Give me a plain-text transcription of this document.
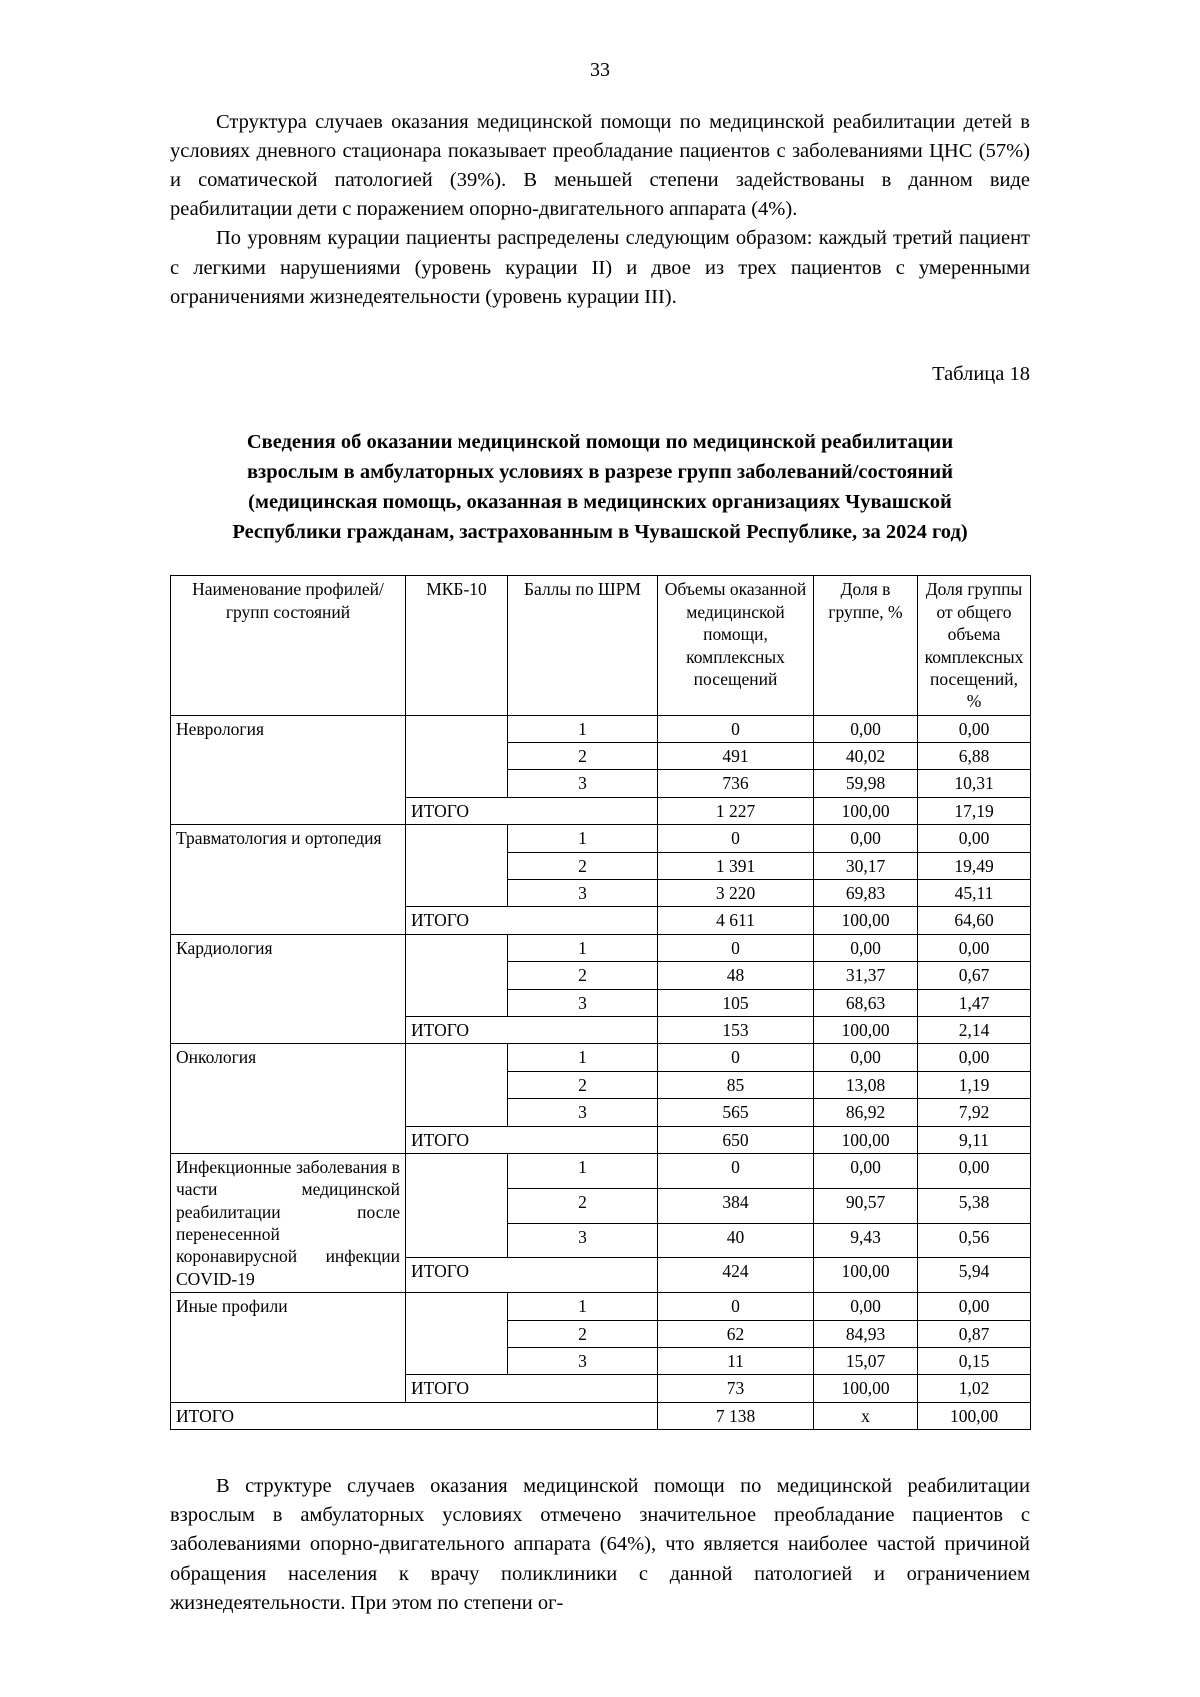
33

Структура случаев оказания медицинской помощи по медицинской реабилитации детей в условиях дневного стационара показывает преобладание пациентов с заболеваниями ЦНС (57%) и соматической патологией (39%). В меньшей степени задействованы в данном виде реабилитации дети с поражением опорно-двигательного аппарата (4%).

По уровням курации пациенты распределены следующим образом: каждый третий пациент с легкими нарушениями (уровень курации II) и двое из трех пациентов с умеренными ограничениями жизнедеятельности (уровень курации III).

Таблица 18
Сведения об оказании медицинской помощи по медицинской реабилитации взрослым в амбулаторных условиях в разрезе групп заболеваний/состояний (медицинская помощь, оказанная в медицинских организациях Чувашской Республики гражданам, застрахованным в Чувашской Республике, за 2024 год)
Наименование профилей/групп состояний	МКБ-10	Баллы по ШРМ	Объемы оказанной медицинской помощи, комплексных посещений	Доля в группе, %	Доля группы от общего объема комплексных посещений, %
Неврология		1	0	0,00	0,00
		2	491	40,02	6,88
		3	736	59,98	10,31
	ИТОГО		1 227	100,00	17,19
Травматология и ортопедия		1	0	0,00	0,00
		2	1 391	30,17	19,49
		3	3 220	69,83	45,11
	ИТОГО		4 611	100,00	64,60
Кардиология		1	0	0,00	0,00
		2	48	31,37	0,67
		3	105	68,63	1,47
	ИТОГО		153	100,00	2,14
Онкология		1	0	0,00	0,00
		2	85	13,08	1,19
		3	565	86,92	7,92
	ИТОГО		650	100,00	9,11
Инфекционные заболевания в части медицинской реабилитации после перенесенной коронавирусной инфекции COVID-19		1	0	0,00	0,00
		2	384	90,57	5,38
		3	40	9,43	0,56
	ИТОГО		424	100,00	5,94
Иные профили		1	0	0,00	0,00
		2	62	84,93	0,87
		3	11	15,07	0,15
	ИТОГО		73	100,00	1,02
ИТОГО			7 138	x	100,00

В структуре случаев оказания медицинской помощи по медицинской реабилитации взрослым в амбулаторных условиях отмечено значительное преобладание пациентов с заболеваниями опорно-двигательного аппарата (64%), что является наиболее частой причиной обращения населения к врачу поликлиники с данной патологией и ограничением жизнедеятельности. При этом по степени ог-
